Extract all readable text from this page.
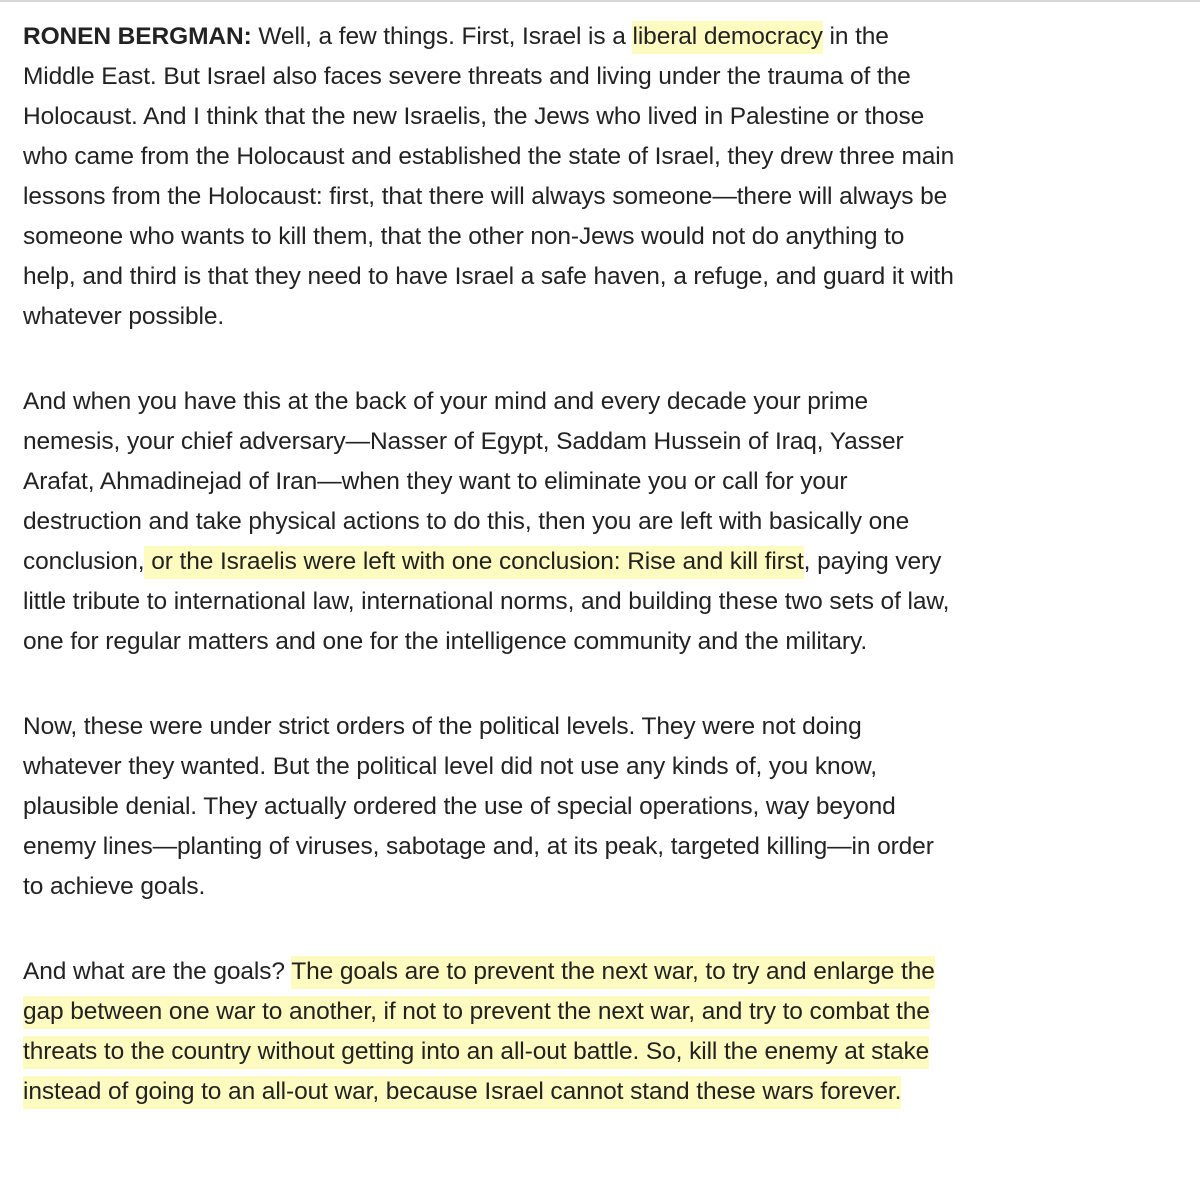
RONEN BERGMAN: Well, a few things. First, Israel is a liberal democracy in the Middle East. But Israel also faces severe threats and living under the trauma of the Holocaust. And I think that the new Israelis, the Jews who lived in Palestine or those who came from the Holocaust and established the state of Israel, they drew three main lessons from the Holocaust: first, that there will always someone—there will always be someone who wants to kill them, that the other non-Jews would not do anything to help, and third is that they need to have Israel a safe haven, a refuge, and guard it with whatever possible.

And when you have this at the back of your mind and every decade your prime nemesis, your chief adversary—Nasser of Egypt, Saddam Hussein of Iraq, Yasser Arafat, Ahmadinejad of Iran—when they want to eliminate you or call for your destruction and take physical actions to do this, then you are left with basically one conclusion, or the Israelis were left with one conclusion: Rise and kill first, paying very little tribute to international law, international norms, and building these two sets of law, one for regular matters and one for the intelligence community and the military.

Now, these were under strict orders of the political levels. They were not doing whatever they wanted. But the political level did not use any kinds of, you know, plausible denial. They actually ordered the use of special operations, way beyond enemy lines—planting of viruses, sabotage and, at its peak, targeted killing—in order to achieve goals.

And what are the goals? The goals are to prevent the next war, to try and enlarge the gap between one war to another, if not to prevent the next war, and try to combat the threats to the country without getting into an all-out battle. So, kill the enemy at stake instead of going to an all-out war, because Israel cannot stand these wars forever.
